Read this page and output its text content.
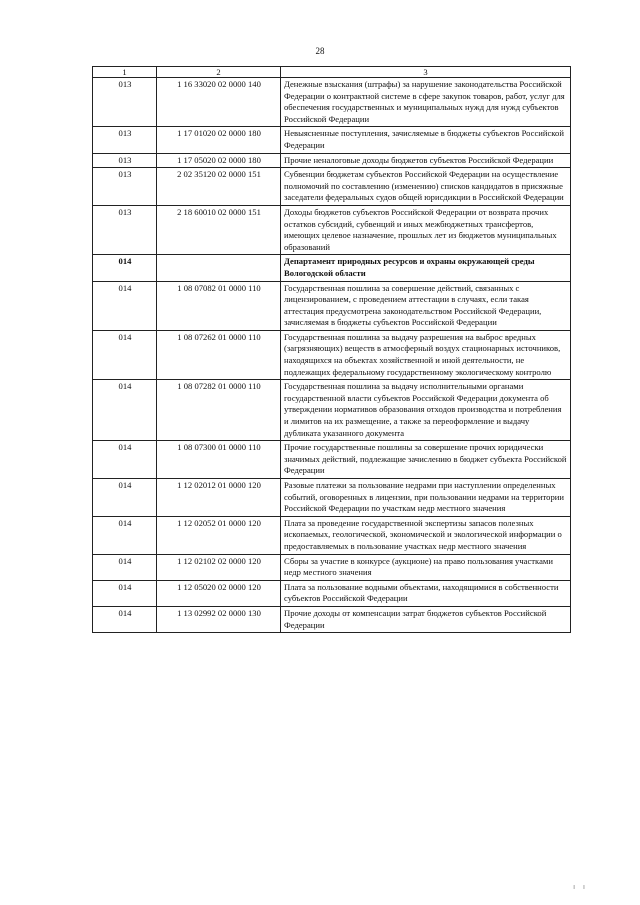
28
1	2	3
013	1 16 33020 02 0000 140	Денежные взыскания (штрафы) за нарушение законодательства Российской Федерации о контрактной системе в сфере закупок товаров, работ, услуг для обеспечения государственных и муниципальных нужд для нужд субъектов Российской Федерации
013	1 17 01020 02 0000 180	Невыясненные поступления, зачисляемые в бюджеты субъектов Российской Федерации
013	1 17 05020 02 0000 180	Прочие неналоговые доходы бюджетов субъектов Российской Федерации
013	2 02 35120 02 0000 151	Субвенции бюджетам субъектов Российской Федерации на осуществление полномочий по составлению (изменению) списков кандидатов в присяжные заседатели федеральных судов общей юрисдикции в Российской Федерации
013	2 18 60010 02 0000 151	Доходы бюджетов субъектов Российской Федерации от возврата прочих остатков субсидий, субвенций и иных межбюджетных трансфертов, имеющих целевое назначение, прошлых лет из бюджетов муниципальных образований
014		Департамент природных ресурсов и охраны окружающей среды Вологодской области
014	1 08 07082 01 0000 110	Государственная пошлина за совершение действий, связанных с лицензированием, с проведением аттестации в случаях, если такая аттестация предусмотрена законодательством Российской Федерации, зачисляемая в бюджеты субъектов Российской Федерации
014	1 08 07262 01 0000 110	Государственная пошлина за выдачу разрешения на выброс вредных (загрязняющих) веществ в атмосферный воздух стационарных источников, находящихся на объектах хозяйственной и иной деятельности, не подлежащих федеральному государственному экологическому контролю
014	1 08 07282 01 0000 110	Государственная пошлина за выдачу исполнительными органами государственной власти субъектов Российской Федерации документа об утверждении нормативов образования отходов производства и потребления и лимитов на их размещение, а также за переоформление и выдачу дубликата указанного документа
014	1 08 07300 01 0000 110	Прочие государственные пошлины за совершение прочих юридически значимых действий, подлежащие зачислению в бюджет субъекта Российской Федерации
014	1 12 02012 01 0000 120	Разовые платежи за пользование недрами при наступлении определенных событий, оговоренных в лицензии, при пользовании недрами на территории Российской Федерации по участкам недр местного значения
014	1 12 02052 01 0000 120	Плата за проведение государственной экспертизы запасов полезных ископаемых, геологической, экономической и экологической информации о предоставляемых в пользование участках недр местного значения
014	1 12 02102 02 0000 120	Сборы за участие в конкурсе (аукционе) на право пользования участками недр местного значения
014	1 12 05020 02 0000 120	Плата за пользование водными объектами, находящимися в собственности субъектов Российской Федерации
014	1 13 02992 02 0000 130	Прочие доходы от компенсации затрат бюджетов субъектов Российской Федерации
ı ı
